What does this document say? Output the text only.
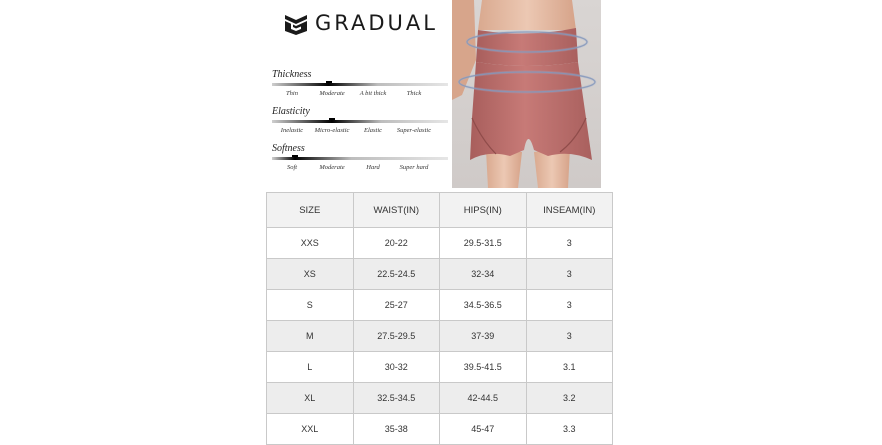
GRADUAL
Thickness
Thin	Moderate A bit thick	Thick
Elasticity
Inelastic Micro-elastic Elastic Super-elastic
Softness
Soft	Moderate	Hard	Super hard
SIZE	WAIST(IN)	HIPS(IN)	INSEAM(IN)
XXS	20-22	29.5-31.5	3
XS	22.5-24.5	32-34	3
S	25-27	34.5-36.5	3
M	27.5-29.5	37-39	3
L	30-32	39.5-41.5	3.1
XL	32.5-34.5	42-44.5	3.2
XXL	35-38	45-47	3.3
